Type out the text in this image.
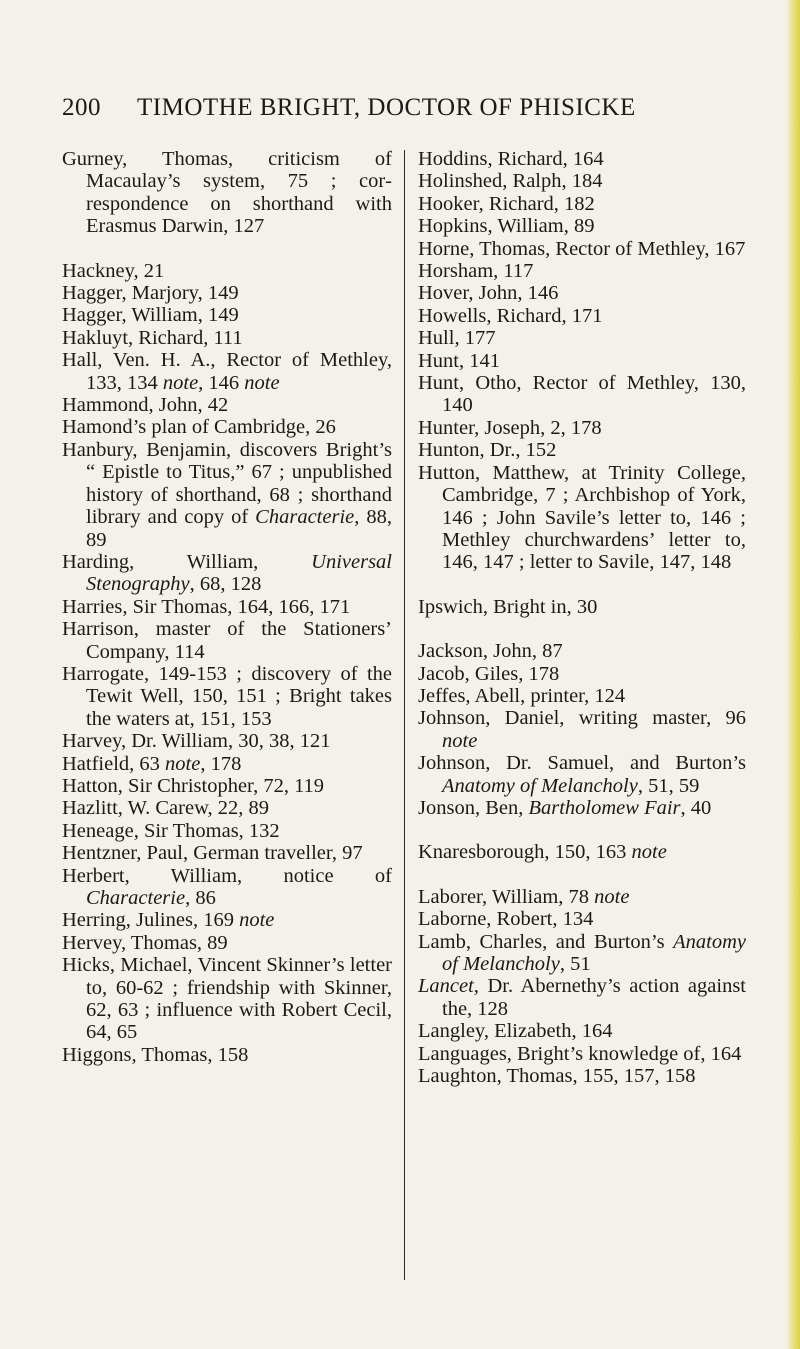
200 TIMOTHE BRIGHT, DOCTOR OF PHISICKE

Gurney, Thomas, criticism of Macaulay’s system, 75 ; correspondence on shorthand with Erasmus Darwin, 127

Hackney, 21

Hagger, Marjory, 149

Hagger, William, 149

Hakluyt, Richard, 111

Hall, Ven. H. A., Rector of Methley, 133, 134 note, 146 note

Hammond, John, 42

Hamond’s plan of Cambridge, 26

Hanbury, Benjamin, discovers Bright’s “ Epistle to Titus,” 67 ; unpublished history of shorthand, 68 ; shorthand library and copy of Characterie, 88, 89

Harding, William, Universal Stenography, 68, 128

Harries, Sir Thomas, 164, 166, 171

Harrison, master of the Stationers’ Company, 114

Harrogate, 149-153 ; discovery of the Tewit Well, 150, 151 ; Bright takes the waters at, 151, 153

Harvey, Dr. William, 30, 38, 121

Hatfield, 63 note, 178

Hatton, Sir Christopher, 72, 119

Hazlitt, W. Carew, 22, 89

Heneage, Sir Thomas, 132

Hentzner, Paul, German traveller, 97

Herbert, William, notice of Characterie, 86

Herring, Julines, 169 note

Hervey, Thomas, 89

Hicks, Michael, Vincent Skinner’s letter to, 60-62 ; friendship with Skinner, 62, 63 ; influence with Robert Cecil, 64, 65

Higgons, Thomas, 158

Hoddins, Richard, 164

Holinshed, Ralph, 184

Hooker, Richard, 182

Hopkins, William, 89

Horne, Thomas, Rector of Methley, 167

Horsham, 117

Hover, John, 146

Howells, Richard, 171

Hull, 177

Hunt, 141

Hunt, Otho, Rector of Methley, 130, 140

Hunter, Joseph, 2, 178

Hunton, Dr., 152

Hutton, Matthew, at Trinity College, Cambridge, 7 ; Archbishop of York, 146 ; John Savile’s letter to, 146 ; Methley churchwardens’ letter to, 146, 147 ; letter to Savile, 147, 148

Ipswich, Bright in, 30

Jackson, John, 87

Jacob, Giles, 178

Jeffes, Abell, printer, 124

Johnson, Daniel, writing master, 96 note

Johnson, Dr. Samuel, and Burton’s Anatomy of Melancholy, 51, 59

Jonson, Ben, Bartholomew Fair, 40

Knaresborough, 150, 163 note

Laborer, William, 78 note

Laborne, Robert, 134

Lamb, Charles, and Burton’s Anatomy of Melancholy, 51

Lancet, Dr. Abernethy’s action against the, 128

Langley, Elizabeth, 164

Languages, Bright’s knowledge of, 164

Laughton, Thomas, 155, 157, 158
